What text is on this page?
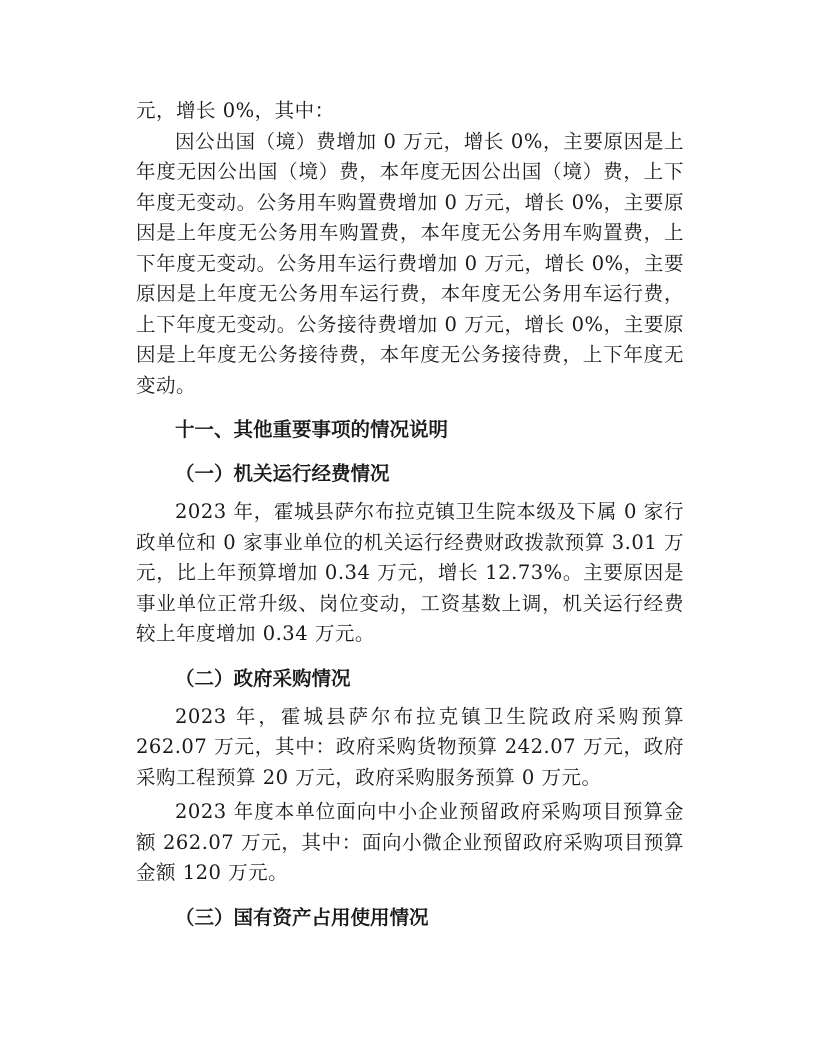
元，增长 0%，其中：

因公出国（境）费增加 0 万元，增长 0%，主要原因是上年度无因公出国（境）费，本年度无因公出国（境）费，上下年度无变动。公务用车购置费增加 0 万元，增长 0%，主要原因是上年度无公务用车购置费，本年度无公务用车购置费，上下年度无变动。公务用车运行费增加 0 万元，增长 0%，主要原因是上年度无公务用车运行费，本年度无公务用车运行费，上下年度无变动。公务接待费增加 0 万元，增长 0%，主要原因是上年度无公务接待费，本年度无公务接待费，上下年度无变动。

十一、其他重要事项的情况说明
（一）机关运行经费情况

2023 年，霍城县萨尔布拉克镇卫生院本级及下属 0 家行政单位和 0 家事业单位的机关运行经费财政拨款预算 3.01 万元，比上年预算增加 0.34 万元，增长 12.73%。主要原因是事业单位正常升级、岗位变动，工资基数上调，机关运行经费较上年度增加 0.34 万元。

（二）政府采购情况

2023 年，霍城县萨尔布拉克镇卫生院政府采购预算 262.07 万元，其中：政府采购货物预算 242.07 万元，政府采购工程预算 20 万元，政府采购服务预算 0 万元。

2023 年度本单位面向中小企业预留政府采购项目预算金额 262.07 万元，其中：面向小微企业预留政府采购项目预算金额 120 万元。

（三）国有资产占用使用情况
